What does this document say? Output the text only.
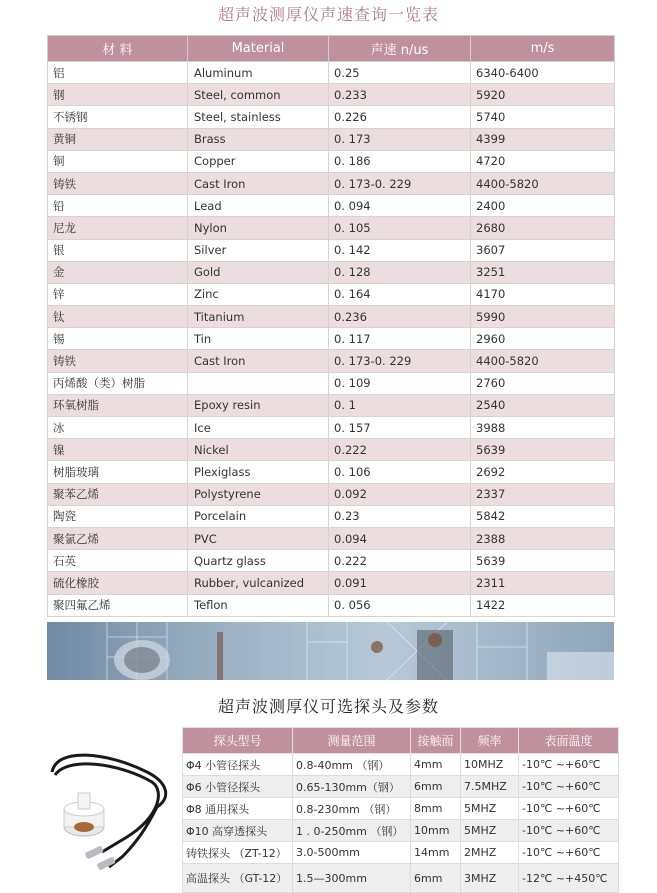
超声波测厚仪声速查询一览表
材 料	Material	声速 n/us	m/s
铝	Aluminum	0.25	6340-6400
钢	Steel, common	0.233	5920
不锈钢	Steel, stainless	0.226	5740
黄铜	Brass	0. 173	4399
铜	Copper	0. 186	4720
铸铁	Cast Iron	0. 173-0. 229	4400-5820
铅	Lead	0. 094	2400
尼龙	Nylon	0. 105	2680
银	Silver	0. 142	3607
金	Gold	0. 128	3251
锌	Zinc	0. 164	4170
钛	Titanium	0.236	5990
锡	Tin	0. 117	2960
铸铁	Cast Iron	0. 173-0. 229	4400-5820
丙烯酸（类）树脂		0. 109	2760
环氧树脂	Epoxy resin	0. 1	2540
冰	Ice	0. 157	3988
镍	Nickel	0.222	5639
树脂玻璃	Plexiglass	0. 106	2692
聚苯乙烯	Polystyrene	0.092	2337
陶瓷	Porcelain	0.23	5842
聚氯乙烯	PVC	0.094	2388
石英	Quartz glass	0.222	5639
硫化橡胶	Rubber, vulcanized	0.091	2311
聚四氟乙烯	Teflon	0. 056	1422
超声波测厚仪可选探头及参数
探头型号	测量范围	接触面	频率	表面温度
Φ4 小管径探头	0.8-40mm （钢）	4mm	10MHZ	-10℃ ~+60℃
Φ6 小管径探头	0.65-130mm（钢）	6mm	7.5MHZ	-10℃ ~+60℃
Φ8 通用探头	0.8-230mm （钢）	8mm	5MHZ	-10℃ ~+60℃
Φ10 高穿透探头	1 . 0-250mm （钢）	10mm	5MHZ	-10℃ ~+60℃
铸铁探头 （ZT-12）	3.0-500mm	14mm	2MHZ	-10℃ ~+60℃
高温探头 （GT-12）	1.5—300mm	6mm	3MHZ	-12℃ ~+450℃
